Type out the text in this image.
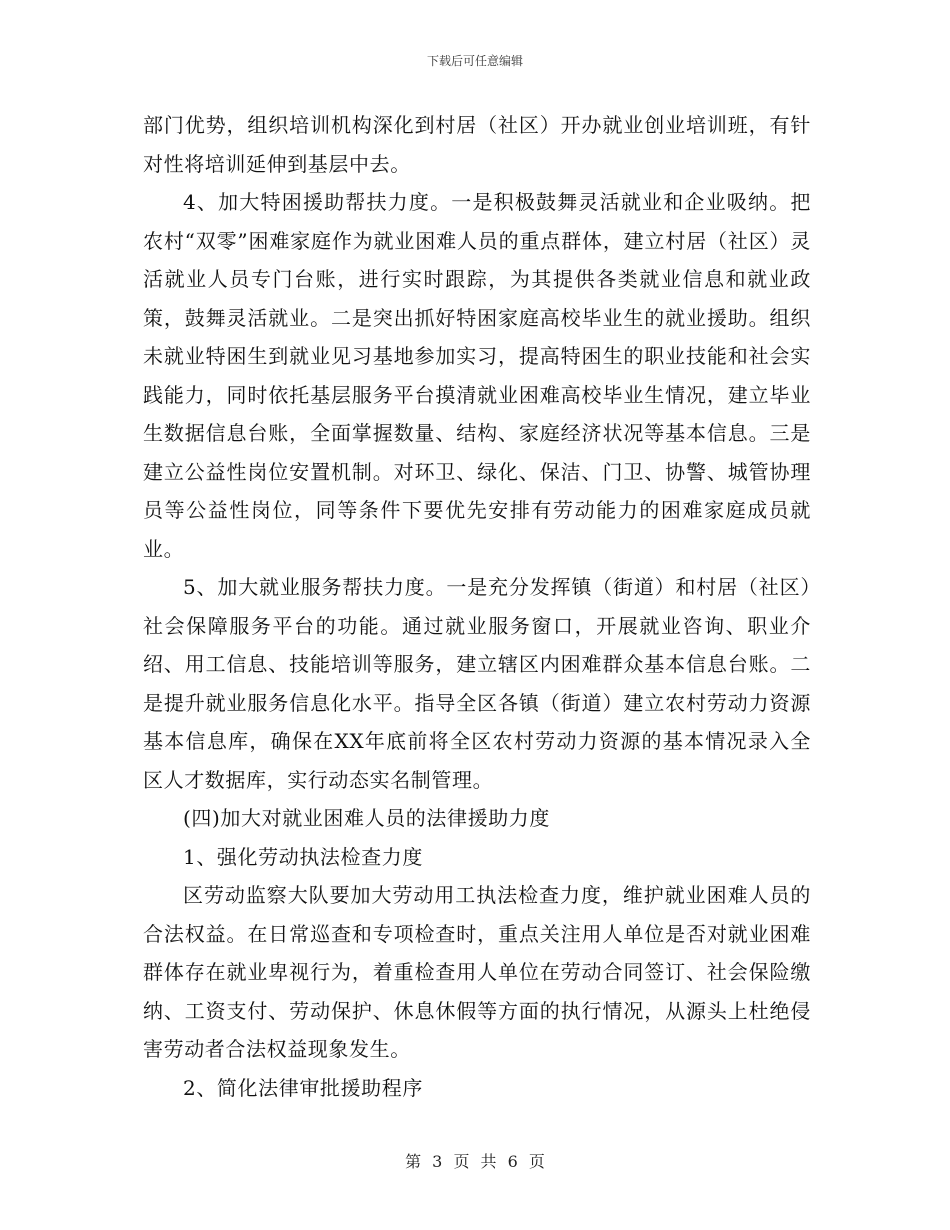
下载后可任意编辑

部门优势，组织培训机构深化到村居（社区）开办就业创业培训班，有针对性将培训延伸到基层中去。

4、加大特困援助帮扶力度。一是积极鼓舞灵活就业和企业吸纳。把农村“双零”困难家庭作为就业困难人员的重点群体，建立村居（社区）灵活就业人员专门台账，进行实时跟踪，为其提供各类就业信息和就业政策，鼓舞灵活就业。二是突出抓好特困家庭高校毕业生的就业援助。组织未就业特困生到就业见习基地参加实习，提高特困生的职业技能和社会实践能力，同时依托基层服务平台摸清就业困难高校毕业生情况，建立毕业生数据信息台账，全面掌握数量、结构、家庭经济状况等基本信息。三是建立公益性岗位安置机制。对环卫、绿化、保洁、门卫、协警、城管协理员等公益性岗位，同等条件下要优先安排有劳动能力的困难家庭成员就业。

5、加大就业服务帮扶力度。一是充分发挥镇（街道）和村居（社区）社会保障服务平台的功能。通过就业服务窗口，开展就业咨询、职业介绍、用工信息、技能培训等服务，建立辖区内困难群众基本信息台账。二是提升就业服务信息化水平。指导全区各镇（街道）建立农村劳动力资源基本信息库，确保在XX年底前将全区农村劳动力资源的基本情况录入全区人才数据库，实行动态实名制管理。

(四)加大对就业困难人员的法律援助力度

1、强化劳动执法检查力度

区劳动监察大队要加大劳动用工执法检查力度，维护就业困难人员的合法权益。在日常巡查和专项检查时，重点关注用人单位是否对就业困难群体存在就业卑视行为，着重检查用人单位在劳动合同签订、社会保险缴纳、工资支付、劳动保护、休息休假等方面的执行情况，从源头上杜绝侵害劳动者合法权益现象发生。

2、简化法律审批援助程序

第 3 页 共 6 页
